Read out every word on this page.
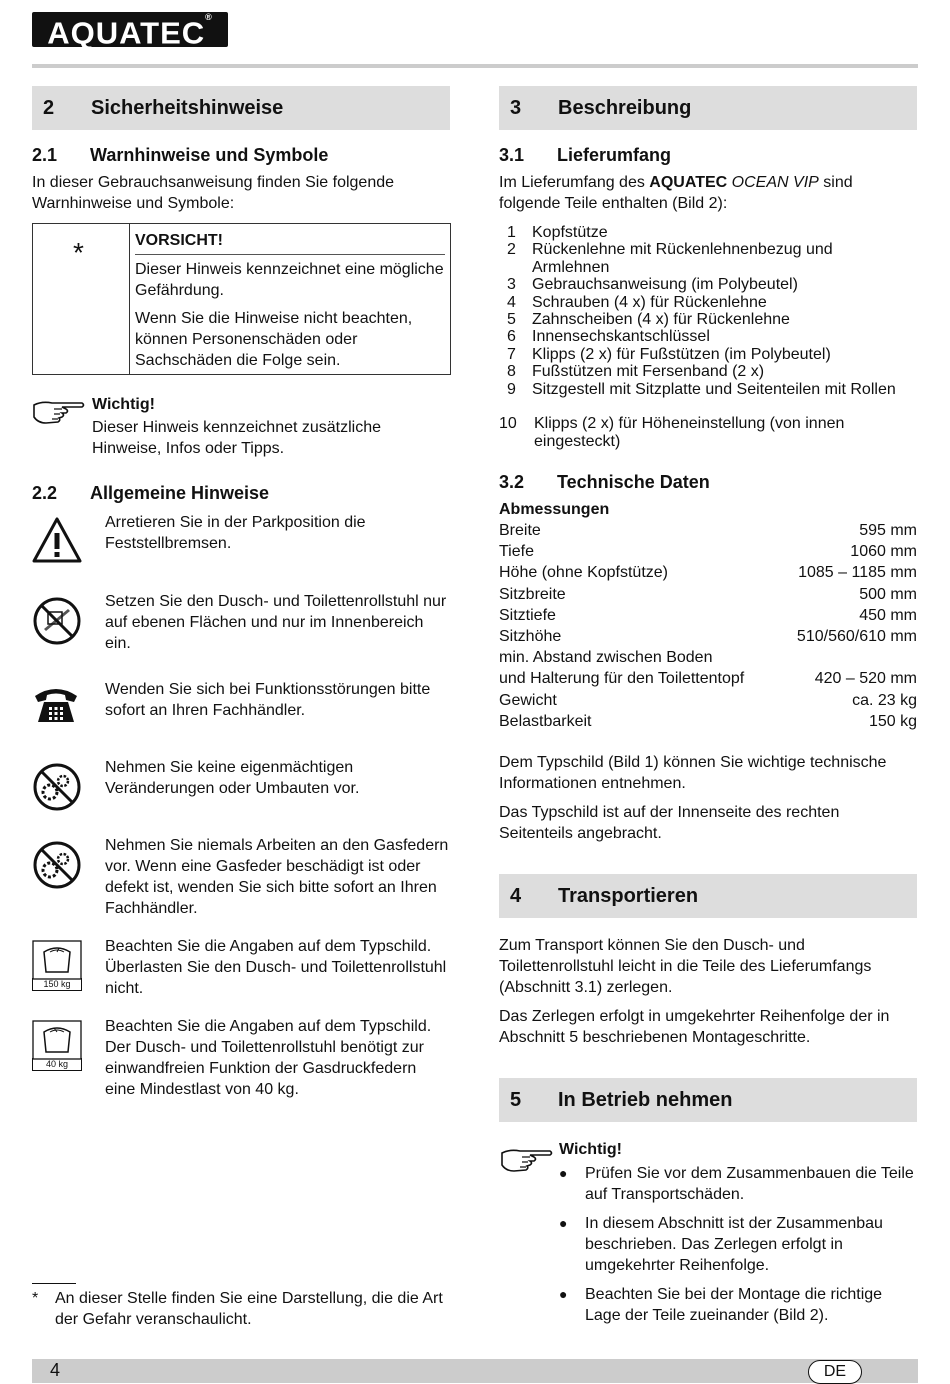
AQUATEC®
2 Sicherheitshinweise
2.1 Warnhinweise und Symbole

In dieser Gebrauchsanweisung finden Sie folgende Warnhinweise und Symbole:

*	VORSICHT!

Dieser Hinweis kennzeichnet eine mögliche Gefährdung.

Wenn Sie die Hinweise nicht beachten, können Personenschäden oder Sachschäden die Folge sein.

Wichtig!

Dieser Hinweis kennzeichnet zusätzliche Hinweise, Infos oder Tipps.

2.2 Allgemeine Hinweise

Arretieren Sie in der Parkposition die Feststellbremsen.

Setzen Sie den Dusch- und Toilettenrollstuhl nur auf ebenen Flächen und nur im Innenbereich ein.

Wenden Sie sich bei Funktionsstörungen bitte sofort an Ihren Fachhändler.

Nehmen Sie keine eigenmächtigen Veränderungen oder Umbauten vor.

Nehmen Sie niemals Arbeiten an den Gasfedern vor. Wenn eine Gasfeder beschädigt ist oder defekt ist, wenden Sie sich bitte sofort an Ihren Fachhändler.

150 kg

Beachten Sie die Angaben auf dem Typschild. Überlasten Sie den Dusch- und Toilettenrollstuhl nicht.

40 kg

Beachten Sie die Angaben auf dem Typschild. Der Dusch- und Toilettenrollstuhl benötigt zur einwandfreien Funktion der Gasdruckfedern eine Mindestlast von 40 kg.

* An dieser Stelle finden Sie eine Darstellung, die die Art der Gefahr veranschaulicht.

3 Beschreibung
3.1 Lieferumfang

Im Lieferumfang des AQUATEC OCEAN VIP sind folgende Teile enthalten (Bild 2):

1 Kopfstütze
2 Rückenlehne mit Rückenlehnenbezug und Armlehnen
3 Gebrauchsanweisung (im Polybeutel)
4 Schrauben (4 x) für Rückenlehne
5 Zahnscheiben (4 x) für Rückenlehne
6 Innensechskantschlüssel
7 Klipps (2 x) für Fußstützen (im Polybeutel)
8 Fußstützen mit Fersenband (2 x)
9 Sitzgestell mit Sitzplatte und Seitenteilen mit Rollen
10 Klipps (2 x) für Höheneinstellung (von innen eingesteckt)
3.2 Technische Daten
Abmessungen
Breite	595 mm
Tiefe	1060 mm
Höhe (ohne Kopfstütze)	1085 – 1185 mm
Sitzbreite	500 mm
Sitztiefe	450 mm
Sitzhöhe	510/560/610 mm
min. Abstand zwischen Boden
und Halterung für den Toilettentopf	420 – 520 mm
Gewicht	ca. 23 kg
Belastbarkeit	150 kg

Dem Typschild (Bild 1) können Sie wichtige technische Informationen entnehmen.

Das Typschild ist auf der Innenseite des rechten Seitenteils angebracht.

4 Transportieren

Zum Transport können Sie den Dusch- und Toilettenrollstuhl leicht in die Teile des Lieferumfangs (Abschnitt 3.1) zerlegen.

Das Zerlegen erfolgt in umgekehrter Reihenfolge der in Abschnitt 5 beschriebenen Montageschritte.

5 In Betrieb nehmen
Wichtig!
● Prüfen Sie vor dem Zusammenbauen die Teile auf Transportschäden.

● In diesem Abschnitt ist der Zusammenbau beschrieben. Das Zerlegen erfolgt in umgekehrter Reihenfolge.

● Beachten Sie bei der Montage die richtige Lage der Teile zueinander (Bild 2).

4	DE
